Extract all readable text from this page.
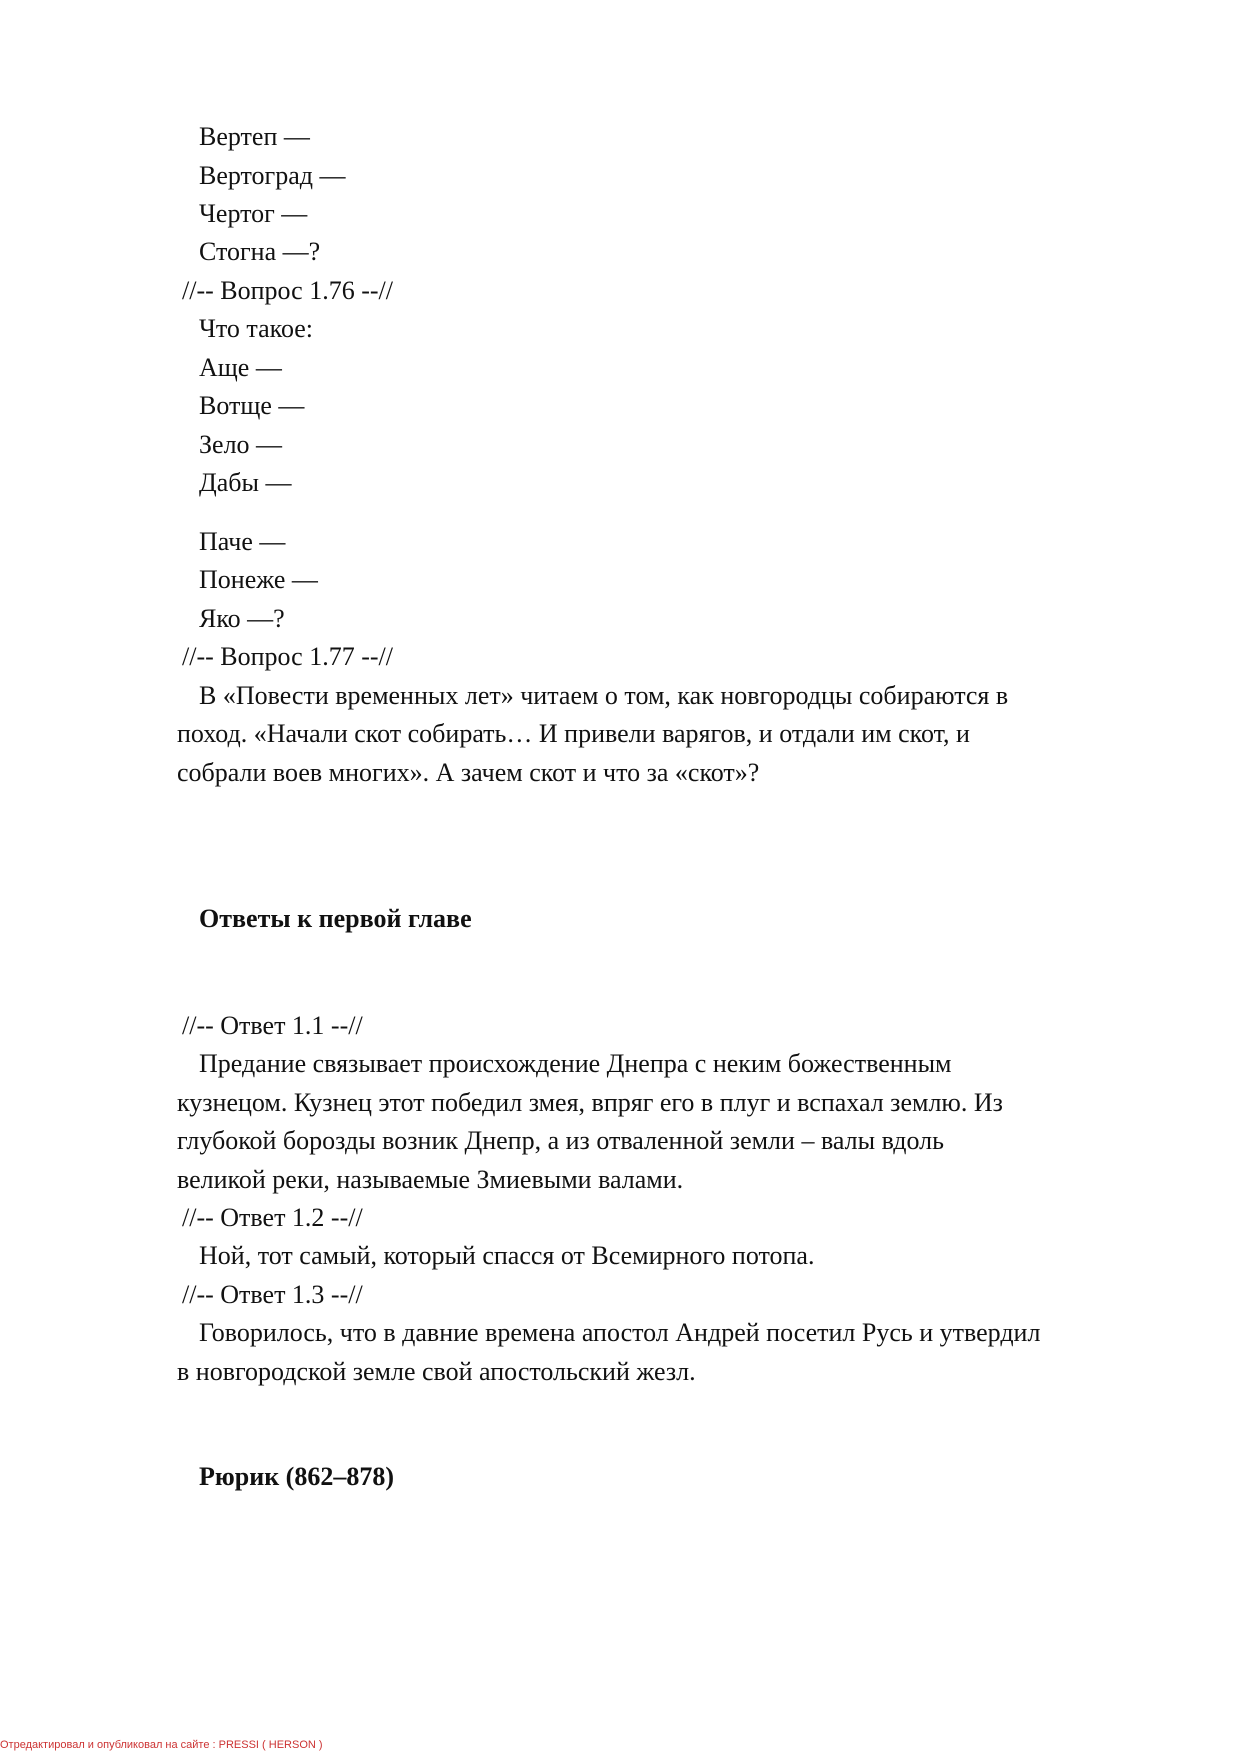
Вертеп —

Вертоград —

Чертог —

Стогна —?

//-- Вопрос 1.76 --//

Что такое:

Аще —

Вотще —

Зело —

Дабы —

Паче —

Понеже —

Яко —?

//-- Вопрос 1.77 --//

В «Повести временных лет» читаем о том, как новгородцы собираются в

поход. «Начали скот собирать… И привели варягов, и отдали им скот, и

собрали воев многих». А зачем скот и что за «скот»?

Ответы к первой главе

//-- Ответ 1.1 --//

Предание связывает происхождение Днепра с неким божественным

кузнецом. Кузнец этот победил змея, впряг его в плуг и вспахал землю. Из

глубокой борозды возник Днепр, а из отваленной земли – валы вдоль

великой реки, называемые Змиевыми валами.

//-- Ответ 1.2 --//

Ной, тот самый, который спасся от Всемирного потопа.

//-- Ответ 1.3 --//

Говорилось, что в давние времена апостол Андрей посетил Русь и утвердил

в новгородской земле свой апостольский жезл.

Рюрик (862–878)

Отредактировал и опубликовал на сайте : PRESSI ( HERSON )
